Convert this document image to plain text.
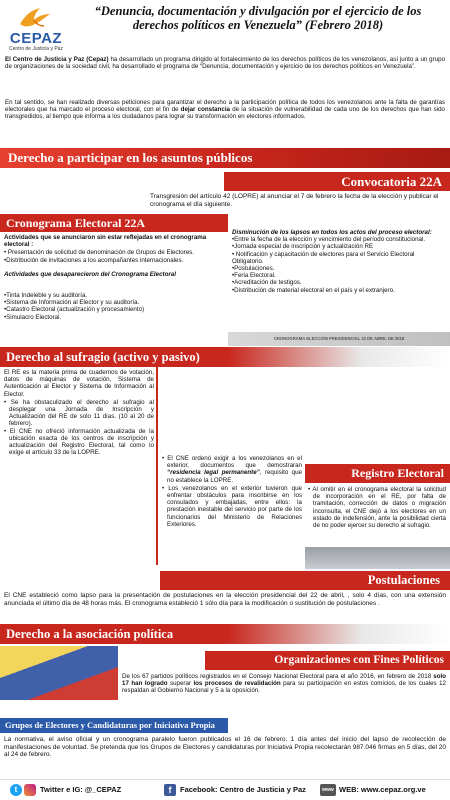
CEPAZ
Centro de Justicia y Paz
“Denuncia, documentación y divulgación por el ejercicio de los derechos políticos en Venezuela” (Febrero 2018)
El Centro de Justicia y Paz (Cepaz) ha desarrollado un programa dirigido al fortalecimiento de los derechos políticos de los venezolanos, así junto a un grupo de organizaciones de la sociedad civil, ha desarrollado el programa de “Denuncia, documentación y ejercicio de los derechos políticos en Venezuela”.
En tal sentido, se han realizado diversas peticiones para garantizar el derecho a la participación política de todos los venezolanos ante la falta de garantías electorales que ha marcado el proceso electoral, con el fin de dejar constancia de la situación de vulnerabilidad de cada uno de los derechos que han sido transgredidos, al tiempo que informa a los ciudadanos para lograr su transformación en electores informados.
Derecho a participar en los asuntos públicos
Convocatoria 22A
Transgresión del artículo 42 (LOPRE) al anunciar el 7 de febrero la fecha de la elección y publicar el cronograma el día siguiente.
Cronograma Electoral 22A
Actividades que se anunciaron sin estar reflejadas en el cronograma electoral :
• Presentación de solicitud de denominación de Grupos de Electores.
•Distribución de invitaciones a los acompañantes internacionales.
Actividades que desaparecieron del Cronograma Electoral
•Tinta Indeleble y su auditoría.
•Sistema de Información al Elector y su auditoría.
•Catastro Electoral (actualización y procesamiento)
•Simulacro Electoral.
Disminución de los lapsos en todos los actos del proceso electoral:
•Entre la fecha de la elección y vencimiento del período constitucional.
•Jornada especial de inscripción y actualización RE
• Notificación y capacitación de electores para el Servicio Electoral Obligatorio.
•Postulaciones.
•Feria Electoral.
•Acreditación de testigos.
•Distribución de material electoral en el país y el extranjero.
CRONOGRAMA ELECCIÓN PRESIDENCIAL 22 DE ABRIL DE 2018
Derecho al sufragio (activo y pasivo)
El RE es la materia prima de cuadernos de votación, datos de máquinas de votación, Sistema de Autenticación al Elector y Sistema de Información al Elector.
• Se ha obstaculizado el derecho al sufragio al desplegar una Jornada de Inscripción y Actualización del RE de solo 11 días. (10 al 20 de febrero).
• El CNE no ofreció información actualizada de la ubicación exacta de los centros de inscripción y actualización del Registro Electoral, tal como lo exige el artículo 33 de la LOPRE.
• El CNE ordenó exigir a los venezolanos en el exterior, documentos que demostraran “residencia legal permanente”, requisito que no establece la LOPRE.
• Los venezolanos en el exterior tuvieron que enfrentar obstáculos para inscribirse en los consulados y embajadas, entre ellos: la prestación inestable del servicio por parte de los funcionarios del Ministerio de Relaciones Exteriores.
Registro Electoral
• Al omitir en el cronograma electoral la solicitud de incorporación en el RE, por falta de tramitación, corrección de datos o migración inconsulta, el CNE dejó a los electores en un estado de indefensión, ante la posibilidad cierta de no poder ejercer su derecho al sufragio.
Postulaciones
El CNE estableció como lapso para la presentación de postulaciones en la elección presidencial del 22 de abril, , solo 4 días, con una extensión anunciada el último día de 48 horas más. El cronograma estableció 1 sólo día para la modificación o sustitución de postulaciones .
Derecho a la asociación política
Organizaciones con Fines Políticos
De los 67 partidos políticos registrados en el Consejo Nacional Electoral para el año 2016, en febrero de 2018 solo 17 han logrado superar los procesos de revalidación para su participación en estos comicios, de los cuales 12 respaldan al Gobierno Nacional y 5 a la oposición.
Grupos de Electores y Candidaturas por Iniciativa Propia
La normativa, el aviso oficial y un cronograma paralelo fueron publicados el 16 de febrero, 1 día antes del inicio del lapso de recolección de manifestaciones de voluntad. Se pretenda que los Grupos de Electores y candidaturas por Iniciativa Propia recolectarán 987.046 firmas en 5 días, del 20 al 24 de febrero.
t	Twitter e IG: @_CEPAZ	f	Facebook: Centro de Justicia y Paz	www WEB: www.cepaz.org.ve
